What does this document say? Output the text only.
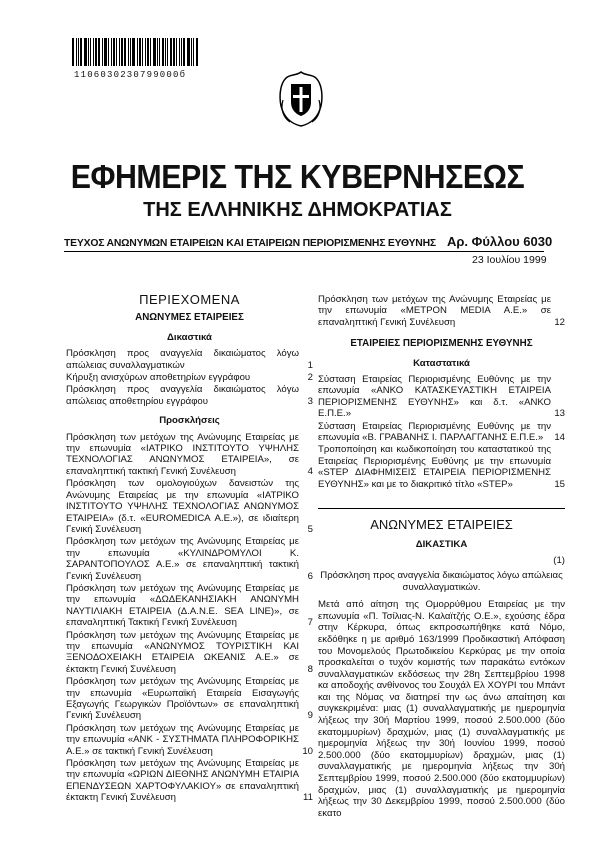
1106030230799000б
ΕΦΗΜΕΡΙΣ ΤΗΣ ΚΥΒΕΡΝΗΣΕΩΣ
ΤΗΣ ΕΛΛΗΝΙΚΗΣ ΔΗΜΟΚΡΑΤΙΑΣ
ΤΕΥΧΟΣ ΑΝΩΝΥΜΩΝ ΕΤΑΙΡΕΙΩΝ ΚΑΙ ΕΤΑΙΡΕΙΩΝ ΠΕΡΙΟΡΙΣΜΕΝΗΣ ΕΥΘΥΝΗΣ Αρ. Φύλλου 6030
23 Ιουλίου 1999
ΠΕΡΙΕΧΟΜΕΝΑ
ΑΝΩΝΥΜΕΣ ΕΤΑΙΡΕΙΕΣ
Δικαστικά
Πρόσκληση προς αναγγελία δικαιώματος λόγω απώλειας συναλλαγματικών	1
Κήρυξη ανισχύρων αποθετηρίων εγγράφου	2
Πρόσκληση προς αναγγελία δικαιώματος λόγω απώλειας αποθετηρίου εγγράφου	3
Προσκλήσεις
Πρόσκληση των μετόχων της Ανώνυμης Εταιρείας με την επωνυμία «ΙΑΤΡΙΚΟ ΙΝΣΤΙΤΟΥΤΟ ΥΨΗΛΗΣ ΤΕΧΝΟΛΟΓΙΑΣ ΑΝΩΝΥΜΟΣ ΕΤΑΙΡΕΙΑ», σε επαναληπτική τακτική Γενική Συνέλευση	4
Πρόσκληση των ομολογιούχων δανειστών της Ανώνυμης Εταιρείας με την επωνυμία «ΙΑΤΡΙΚΟ ΙΝΣΤΙΤΟΥΤΟ ΥΨΗΛΗΣ ΤΕΧΝΟΛΟΓΙΑΣ ΑΝΩΝΥΜΟΣ ΕΤΑΙΡΕΙΑ» (δ.τ. «EUROMEDICA Α.Ε.»), σε ιδιαίτερη Γενική Συνέλευση	5
Πρόσκληση των μετόχων της Ανώνυμης Εταιρείας με την επωνυμία «ΚΥΛΙΝΔΡΟΜΥΛΟΙ Κ. ΣΑΡΑΝΤΟΠΟΥΛΟΣ Α.Ε.» σε επαναληπτική τακτική Γενική Συνέλευση	6
Πρόσκληση των μετόχων της Ανώνυμης Εταιρείας με την επωνυμία «ΔΩΔΕΚΑΝΗΣΙΑΚΗ ΑΝΩΝΥΜΗ ΝΑΥΤΙΛΙΑΚΗ ΕΤΑΙΡΕΙΑ (Δ.Α.Ν.Ε. SEA LINE)», σε επαναληπτική Τακτική Γενική Συνέλευση	7
Πρόσκληση των μετόχων της Ανώνυμης Εταιρείας με την επωνυμία «ΑΝΩΝΥΜΟΣ ΤΟΥΡΙΣΤΙΚΗ ΚΑΙ ΞΕΝΟΔΟΧΕΙΑΚΗ ΕΤΑΙΡΕΙΑ ΩΚΕΑΝΙΣ Α.Ε.» σε έκτακτη Γενική Συνέλευση	8
Πρόσκληση των μετόχων της Ανώνυμης Εταιρείας με την επωνυμία «Ευρωπαϊκή Εταιρεία Εισαγωγής Εξαγωγής Γεωργικών Προϊόντων» σε επαναληπτική Γενική Συνέλευση	9
Πρόσκληση των μετόχων της Ανώνυμης Εταιρείας με την επωνυμία «ΑΝΚ - ΣΥΣΤΗΜΑΤΑ ΠΛΗΡΟΦΟΡΙΚΗΣ Α.Ε.» σε τακτική Γενική Συνέλευση	10
Πρόσκληση των μετόχων της Ανώνυμης Εταιρείας με την επωνυμία «ΩΡΙΩΝ ΔΙΕΘΝΗΣ ΑΝΩΝΥΜΗ ΕΤΑΙΡΙΑ ΕΠΕΝΔΥΣΕΩΝ ΧΑΡΤΟΦΥΛΑΚΙΟΥ» σε επαναληπτική έκτακτη Γενική Συνέλευση	11
Πρόσκληση των μετόχων της Ανώνυμης Εταιρείας με την επωνυμία «ΜΕΤΡΟΝ MEDIA Α.Ε.» σε επαναληπτική Γενική Συνέλευση	12
ΕΤΑΙΡΕΙΕΣ ΠΕΡΙΟΡΙΣΜΕΝΗΣ ΕΥΘΥΝΗΣ
Καταστατικά
Σύσταση Εταιρείας Περιορισμένης Ευθύνης με την επωνυμία «ΑΝΚΟ ΚΑΤΑΣΚΕΥΑΣΤΙΚΗ ΕΤΑΙΡΕΙΑ ΠΕΡΙΟΡΙΣΜΕΝΗΣ ΕΥΘΥΝΗΣ» και δ.τ. «ΑΝΚΟ Ε.Π.Ε.»	13
Σύσταση Εταιρείας Περιορισμένης Ευθύνης με την επωνυμία «Β. ΓΡΑΒΑΝΗΣ Ι. ΠΑΡΛΑΓΓΑΝΗΣ Ε.Π.Ε.»	14
Τροποποίηση και κωδικοποίηση του καταστατικού της Εταιρείας Περιορισμένης Ευθύνης με την επωνυμία «STEP ΔΙΑΦΗΜΙΣΕΙΣ ΕΤΑΙΡΕΙΑ ΠΕΡΙΟΡΙΣΜΕΝΗΣ ΕΥΘΥΝΗΣ» και με το διακριτικό τίτλο «STEP»	15
ΑΝΩΝΥΜΕΣ ΕΤΑΙΡΕΙΕΣ
ΔΙΚΑΣΤΙΚΑ
(1)
Πρόσκληση προς αναγγελία δικαιώματος λόγω απώλειας συναλλαγματικών.
Μετά από αίτηση της Ομορρύθμου Εταιρείας με την επωνυμία «Π. Τσίλιας-Ν. Καλαϊτζής Ο.Ε.», εχούσης έδρα στην Κέρκυρα, όπως εκπροσωπήθηκε κατά Νόμο, εκδόθηκε η με αριθμό 163/1999 Προδικαστική Απόφαση του Μονομελούς Πρωτοδικείου Κερκύρας με την οποία προσκαλείται ο τυχόν κομιστής των παρακάτω εντόκων συναλλαγματικών εκδόσεως την 28η Σεπτεμβρίου 1998 κα αποδοχής ανθίνονος του Σουχάλ Ελ ΧΟΥΡΙ του Μπάντ και της Νόμας να διατηρεί την ως άνω απαίτηση και συγκεκριμένα: μιας (1) συναλλαγματικής με ημερομηνία λήξεως την 30ή Μαρτίου 1999, ποσού 2.500.000 (δύο εκατομμυρίων) δραχμών, μιας (1) συναλλαγματικής με ημερομηνία λήξεως την 30ή Ιουνίου 1999, ποσού 2.500.000 (δύο εκατομμυρίων) δραχμών, μιας (1) συναλλαγματικής με ημερομηνία λήξεως την 30ή Σεπτεμβρίου 1999, ποσού 2.500.000 (δύο εκατομμυρίων) δραχμών, μιας (1) συναλλαγματικής με ημερομηνία λήξεως την 30 Δεκεμβρίου 1999, ποσού 2.500.000 (δύο εκατο
